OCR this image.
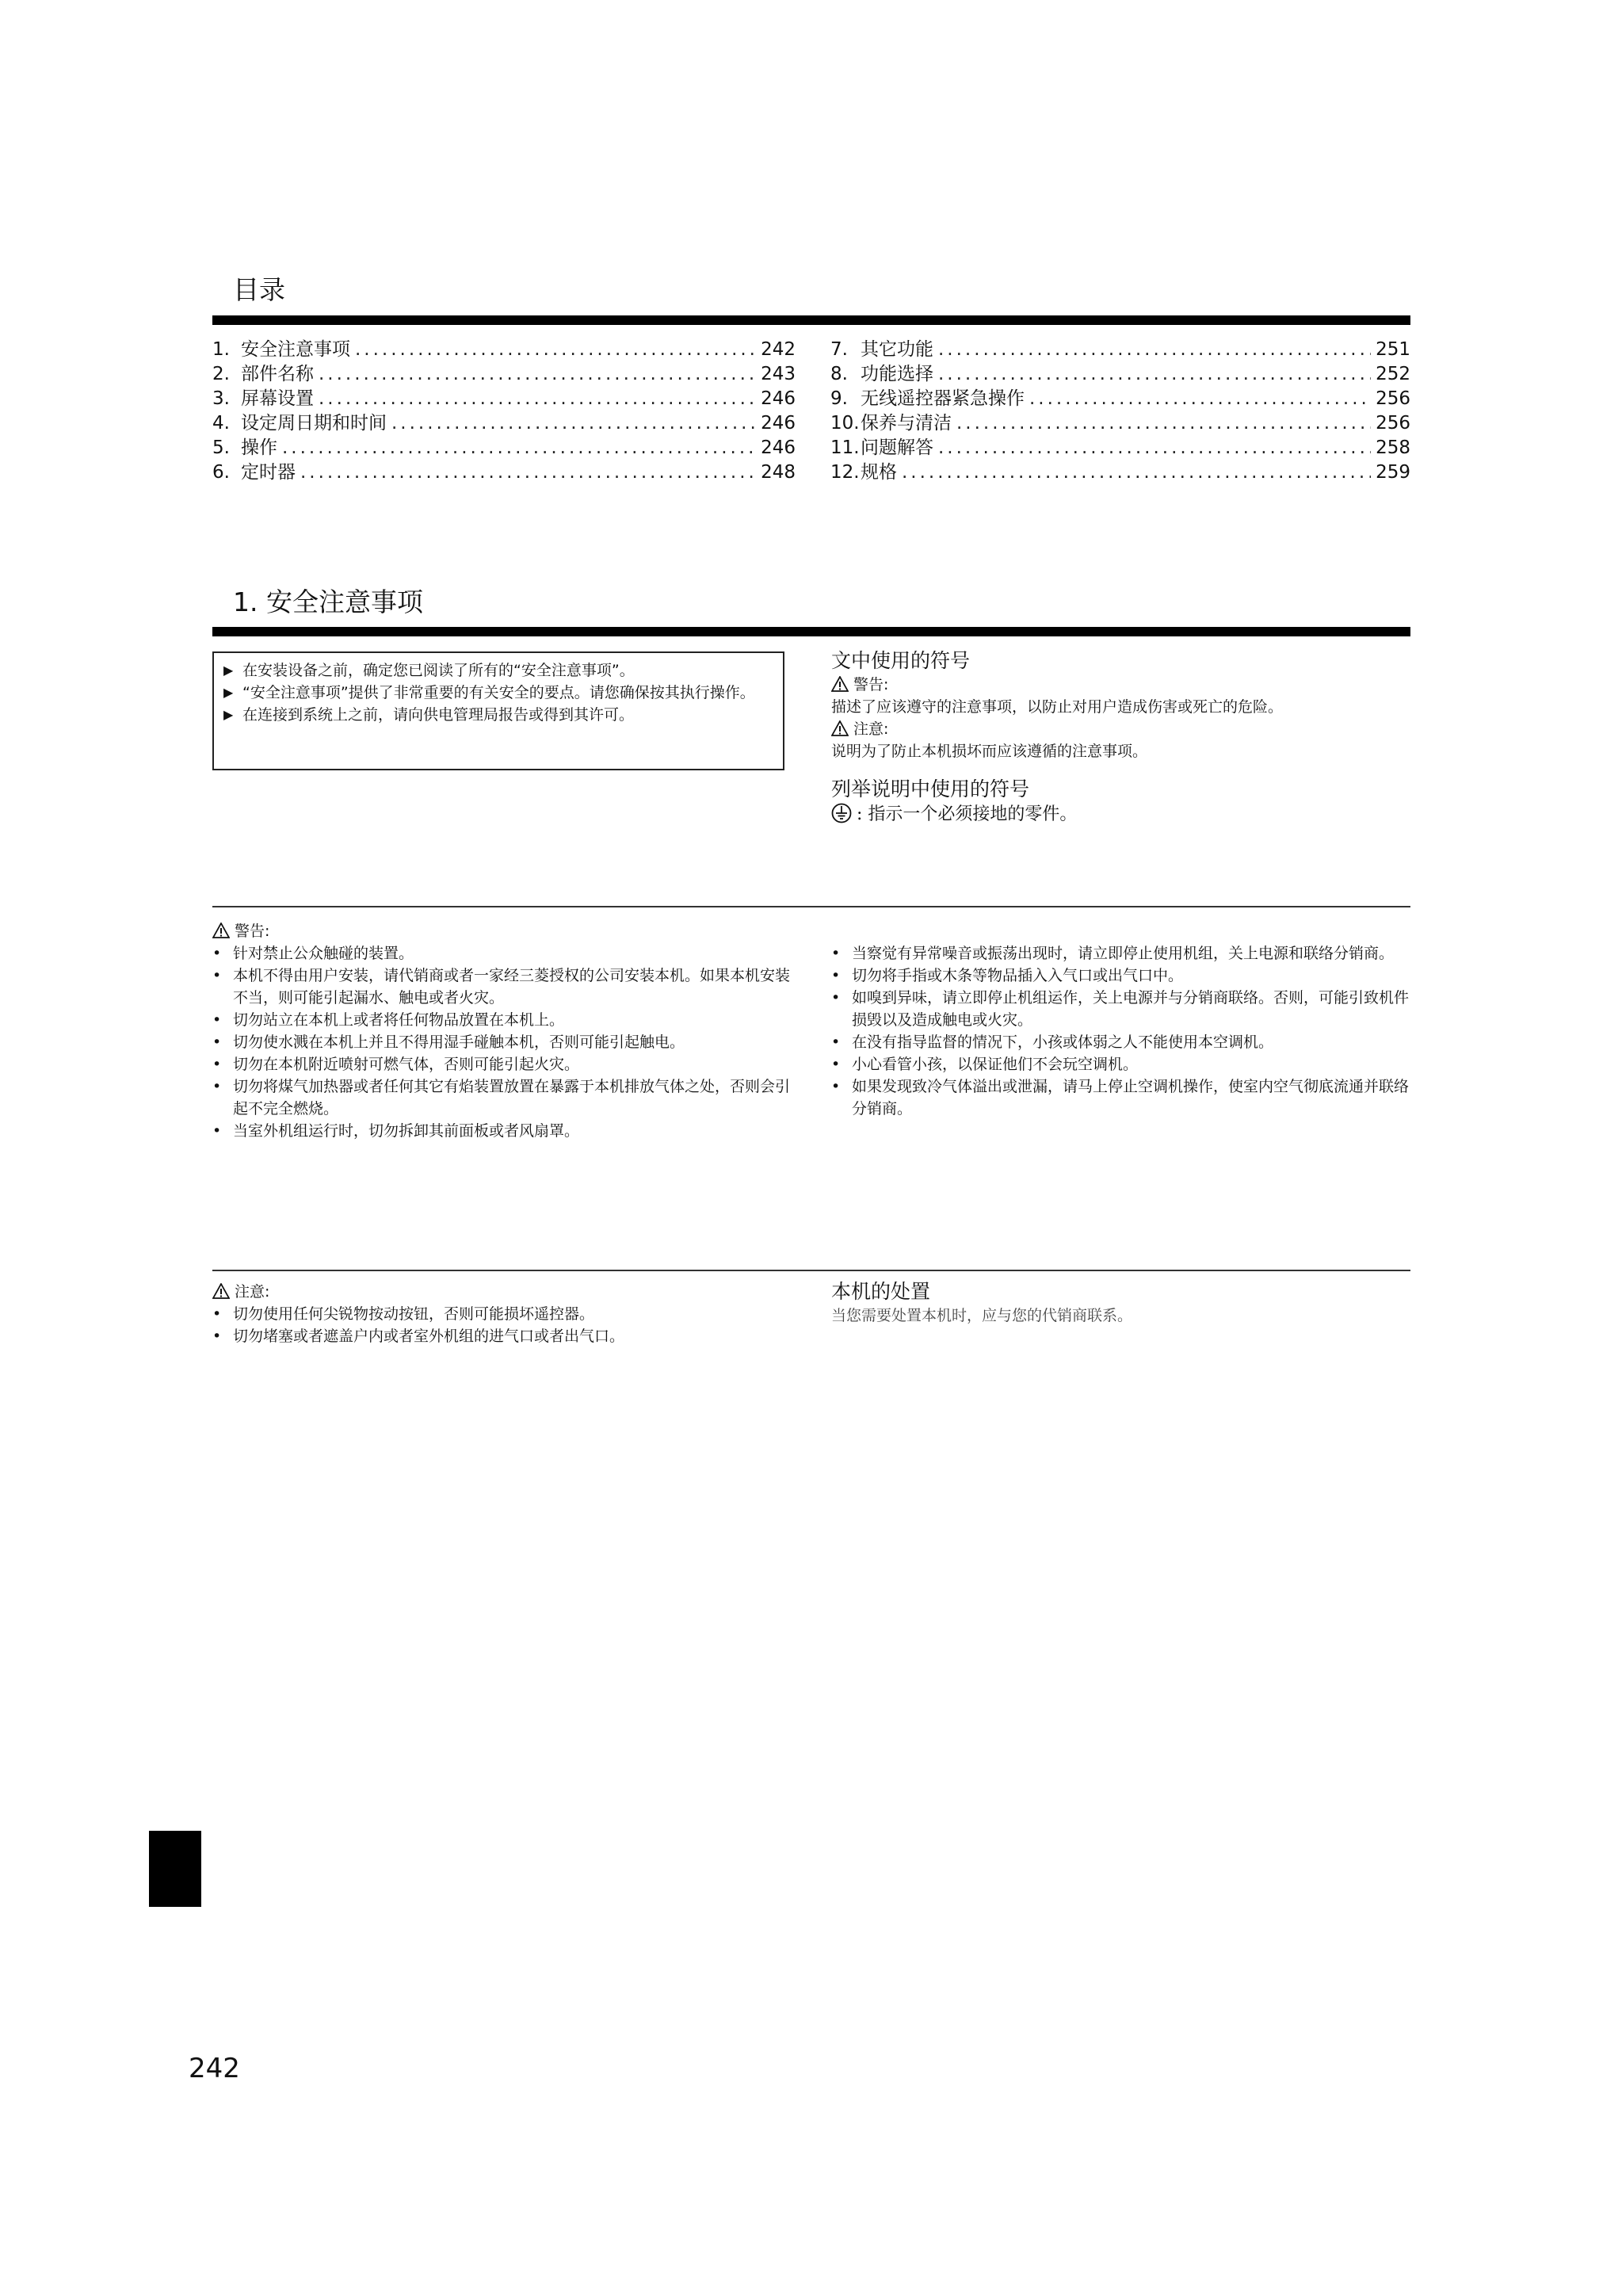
目录
1. 安全注意事项 .....	242
2. 部件名称 .....	243
3. 屏幕设置 .....	246
4. 设定周日期和时间 .....	246
5. 操作 .....	246
6. 定时器 .....	248
7. 其它功能 .....	251
8. 功能选择 .....	252
9. 无线遥控器紧急操作 .....	256
10. 保养与清洁 .....	256
11. 问题解答 .....	258
12. 规格 .....	259
1. 安全注意事项
▶ 在安装设备之前，确定您已阅读了所有的“安全注意事项”。
▶ “安全注意事项”提供了非常重要的有关安全的要点。请您确保按其执行操作。
▶ 在连接到系统上之前，请向供电管理局报告或得到其许可。
文中使用的符号
警告:
描述了应该遵守的注意事项，以防止对用户造成伤害或死亡的危险。
注意:
说明为了防止本机损坏而应该遵循的注意事项。
列举说明中使用的符号
: 指示一个必须接地的零件。
警告:
• 针对禁止公众触碰的装置。
• 本机不得由用户安装，请代销商或者一家经三菱授权的公司安装本机。如果本机安装不当，则可能引起漏水、触电或者火灾。
• 切勿站立在本机上或者将任何物品放置在本机上。
• 切勿使水溅在本机上并且不得用湿手碰触本机，否则可能引起触电。
• 切勿在本机附近喷射可燃气体，否则可能引起火灾。
• 切勿将煤气加热器或者任何其它有焰装置放置在暴露于本机排放气体之处，否则会引起不完全燃烧。
• 当室外机组运行时，切勿拆卸其前面板或者风扇罩。
• 当察觉有异常噪音或振荡出现时，请立即停止使用机组，关上电源和联络分销商。
• 切勿将手指或木条等物品插入入气口或出气口中。
• 如嗅到异味，请立即停止机组运作，关上电源并与分销商联络。否则，可能引致机件损毁以及造成触电或火灾。
• 在没有指导监督的情况下，小孩或体弱之人不能使用本空调机。
• 小心看管小孩，以保证他们不会玩空调机。
• 如果发现致冷气体溢出或泄漏，请马上停止空调机操作，使室内空气彻底流通并联络分销商。
注意:
• 切勿使用任何尖锐物按动按钮，否则可能损坏遥控器。
• 切勿堵塞或者遮盖户内或者室外机组的进气口或者出气口。
本机的处置
当您需要处置本机时，应与您的代销商联系。
242
